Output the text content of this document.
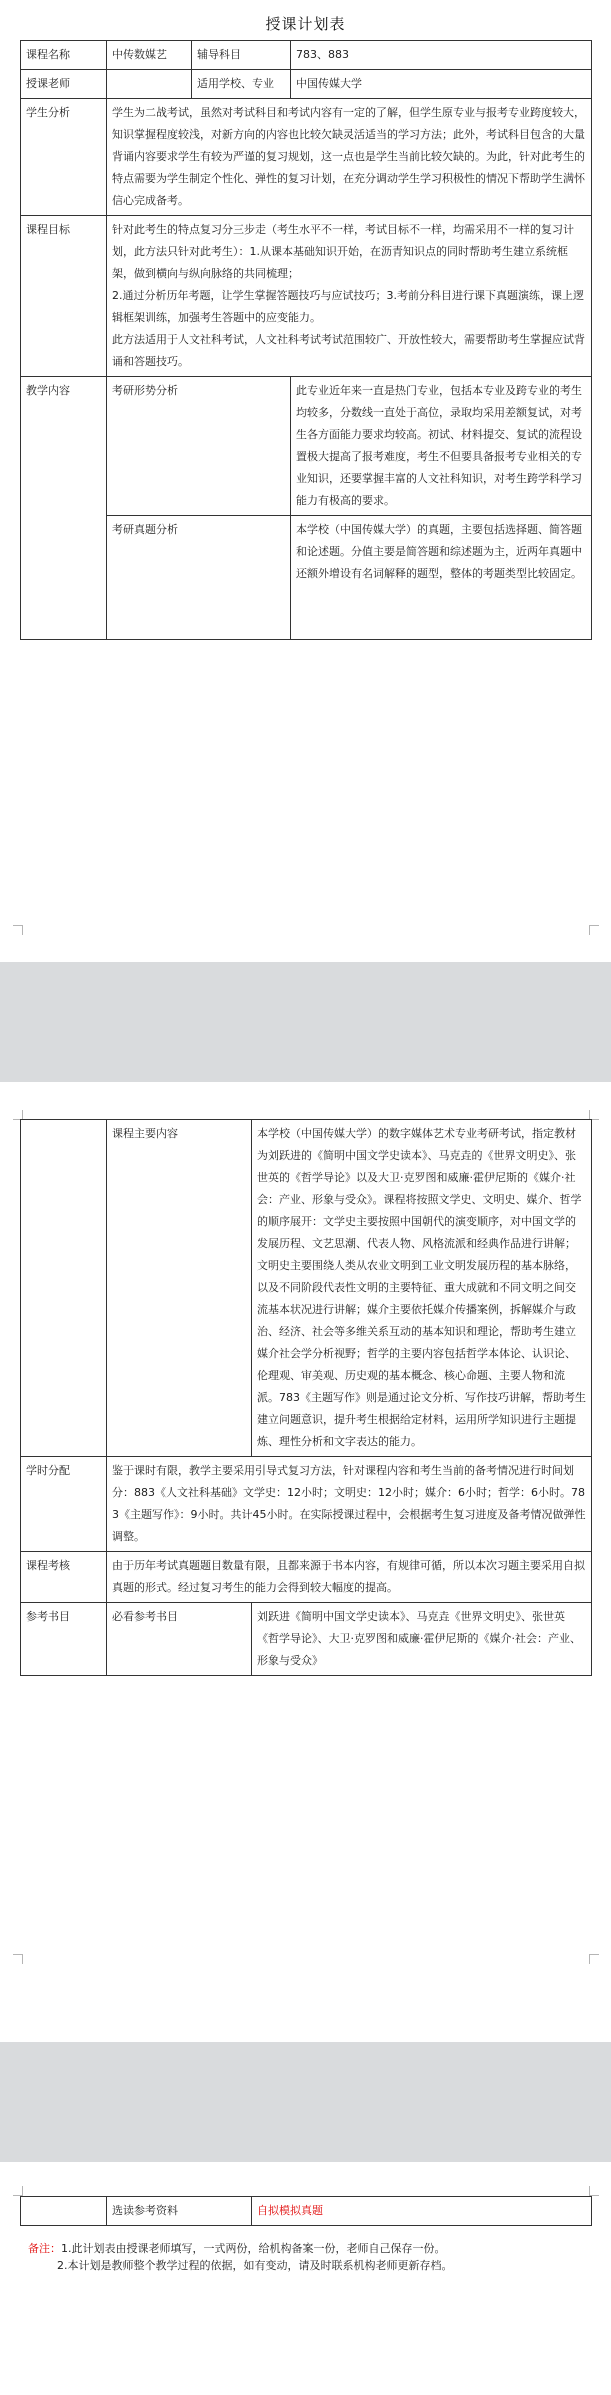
授课计划表
课程名称	中传数媒艺	辅导科目	783、883
授课老师		适用学校、专业	中国传媒大学
学生分析	学生为二战考试，虽然对考试科目和考试内容有一定的了解，但学生原专业与报考专业跨度较大，知识掌握程度较浅，对新方向的内容也比较欠缺灵活适当的学习方法；此外，考试科目包含的大量背诵内容要求学生有较为严谨的复习规划，这一点也是学生当前比较欠缺的。为此，针对此考生的特点需要为学生制定个性化、弹性的复习计划，在充分调动学生学习积极性的情况下帮助学生满怀信心完成备考。		
课程目标	针对此考生的特点复习分三步走（考生水平不一样，考试目标不一样，均需采用不一样的复习计划，此方法只针对此考生）：1.从课本基础知识开始，在沥青知识点的同时帮助考生建立系统框架，做到横向与纵向脉络的共同梳理；
2.通过分析历年考题，让学生掌握答题技巧与应试技巧；3.考前分科目进行课下真题演练，课上逻辑框架训练，加强考生答题中的应变能力。
此方法适用于人文社科考试，人文社科考试考试范围较广、开放性较大，需要帮助考生掌握应试背诵和答题技巧。		

教学内容	考研形势分析		此专业近年来一直是热门专业，包括本专业及跨专业的考生均较多，分数线一直处于高位，录取均采用差额复试，对考生各方面能力要求均较高。初试、材料提交、复试的流程设置极大提高了报考难度，考生不但要具备报考专业相关的专业知识，还要掌握丰富的人文社科知识，对考生跨学科学习能力有极高的要求。
	考研真题分析		本学校（中国传媒大学）的真题，主要包括选择题、简答题和论述题。分值主要是简答题和综述题为主，近两年真题中还额外增设有名词解释的题型，整体的考题类型比较固定。
	课程主要内容	本学校（中国传媒大学）的数字媒体艺术专业考研考试，指定教材为刘跃进的《简明中国文学史读本》、马克垚的《世界文明史》、张世英的《哲学导论》以及大卫·克罗图和威廉·霍伊尼斯的《媒介·社会：产业、形象与受众》。课程将按照文学史、文明史、媒介、哲学的顺序展开：文学史主要按照中国朝代的演变顺序，对中国文学的发展历程、文艺思潮、代表人物、风格流派和经典作品进行讲解；文明史主要围绕人类从农业文明到工业文明发展历程的基本脉络，以及不同阶段代表性文明的主要特征、重大成就和不同文明之间交流基本状况进行讲解；媒介主要依托媒介传播案例，拆解媒介与政治、经济、社会等多维关系互动的基本知识和理论，帮助考生建立媒介社会学分析视野；哲学的主要内容包括哲学本体论、认识论、伦理观、审美观、历史观的基本概念、核心命题、主要人物和流派。783《主题写作》则是通过论文分析、写作技巧讲解，帮助考生建立问题意识，提升考生根据给定材料，运用所学知识进行主题提炼、理性分析和文字表达的能力。
学时分配	鉴于课时有限，教学主要采用引导式复习方法，针对课程内容和考生当前的备考情况进行时间划分：883《人文社科基础》文学史：12小时；文明史：12小时；媒介：6小时；哲学：6小时。783《主题写作》：9小时。共计45小时。在实际授课过程中，会根据考生复习进度及备考情况做弹性调整。	
课程考核	由于历年考试真题题目数量有限，且都来源于书本内容，有规律可循，所以本次习题主要采用自拟真题的形式。经过复习考生的能力会得到较大幅度的提高。	
参考书目	必看参考书目	刘跃进《简明中国文学史读本》、马克垚《世界文明史》、张世英《哲学导论》、大卫·克罗图和威廉·霍伊尼斯的《媒介·社会：产业、形象与受众》
	选读参考资料	自拟模拟真题
备注：1.此计划表由授课老师填写，一式两份，给机构备案一份，老师自己保存一份。
2.本计划是教师整个教学过程的依据，如有变动，请及时联系机构老师更新存档。
